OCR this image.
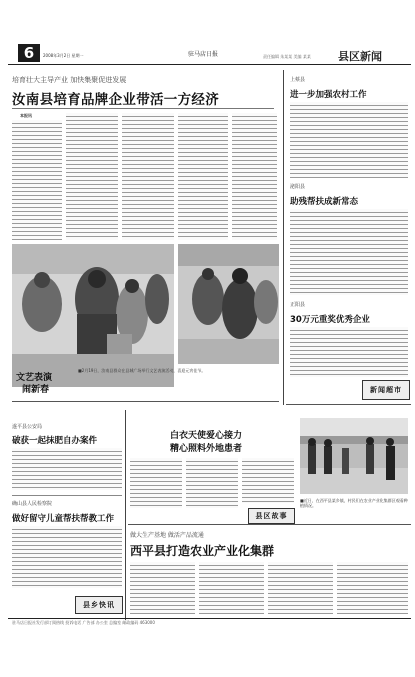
6	2008年3月2日 星期一	驻马店日报	责任编辑 朱某某 美编 某某	县区新闻
培育壮大主导产业 加快集聚促进发展
汝南县培育品牌企业带活一方经济
本报讯
文艺表演
闹新春
■2月19日，汝南县群众在县城广场举行文艺表演活动，喜迎元宵佳节。
上蔡县
进一步加强农村工作
泌阳县
助残帮扶成新常态
正阳县
30万元重奖优秀企业
新闻超市
遂平县公安局
破获一起抹肥自办案件
确山县人民检察院
做好留守儿童帮扶帮教工作
县乡快讯
白衣天使爱心接力
精心照料外地患者
县区故事
■近日，在西平县某乡镇，村民们在农业产业化集群区观看种植情况。
做大生产基地 做活产品流通
西平县打造农业产业化集群
驻马店日报社发行部订阅热线 投诉电话 广告部 办公室 总编室 邮政编码 463000
